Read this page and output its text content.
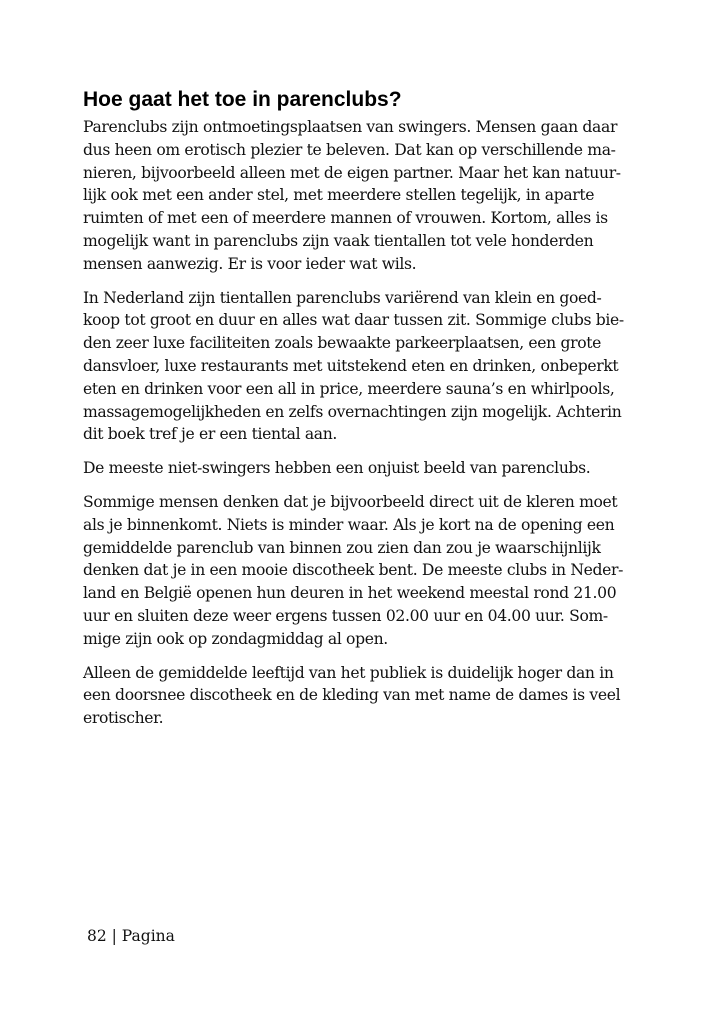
Hoe gaat het toe in parenclubs?

Parenclubs zijn ontmoetingsplaatsen van swingers. Mensen gaan daar
dus heen om erotisch plezier te beleven. Dat kan op verschillende ma-
nieren, bijvoorbeeld alleen met de eigen partner. Maar het kan natuur-
lijk ook met een ander stel, met meerdere stellen tegelijk, in aparte
ruimten of met een of meerdere mannen of vrouwen. Kortom, alles is
mogelijk want in parenclubs zijn vaak tientallen tot vele honderden
mensen aanwezig. Er is voor ieder wat wils.

In Nederland zijn tientallen parenclubs variërend van klein en goed-
koop tot groot en duur en alles wat daar tussen zit. Sommige clubs bie-
den zeer luxe faciliteiten zoals bewaakte parkeerplaatsen, een grote
dansvloer, luxe restaurants met uitstekend eten en drinken, onbeperkt
eten en drinken voor een all in price, meerdere sauna’s en whirlpools,
massagemogelijkheden en zelfs overnachtingen zijn mogelijk. Achterin
dit boek tref je er een tiental aan.

De meeste niet-swingers hebben een onjuist beeld van parenclubs.

Sommige mensen denken dat je bijvoorbeeld direct uit de kleren moet
als je binnenkomt. Niets is minder waar. Als je kort na de opening een
gemiddelde parenclub van binnen zou zien dan zou je waarschijnlijk
denken dat je in een mooie discotheek bent. De meeste clubs in Neder-
land en België openen hun deuren in het weekend meestal rond 21.00
uur en sluiten deze weer ergens tussen 02.00 uur en 04.00 uur. Som-
mige zijn ook op zondagmiddag al open.

Alleen de gemiddelde leeftijd van het publiek is duidelijk hoger dan in
een doorsnee discotheek en de kleding van met name de dames is veel
erotischer.

82 | Pagina
